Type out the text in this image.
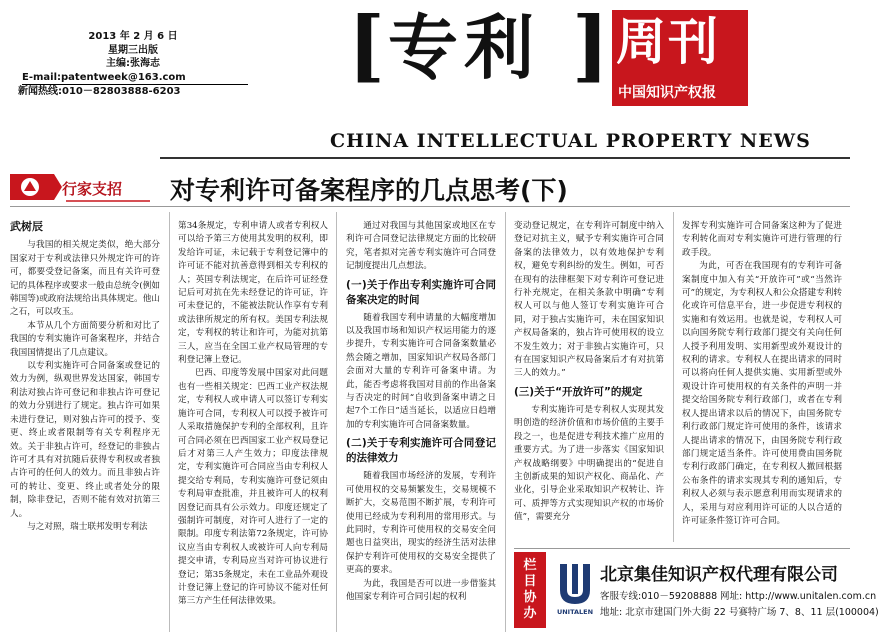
2013 年 2 月 6 日
星期三出版
主编:张海志
E-mail:patentweek@163.com
新闻热线:010－82803888-6203
[ 专利 ] 周刊
中国知识产权报
CHINA INTELLECTUAL PROPERTY NEWS
行家支招 对专利许可备案程序的几点思考(下)

武树辰

与我国的相关规定类似，绝大部分国家对于专利或法律只外规定许可的许可，都要受登记备案，而且有关许可登记的具体程序或要求一般由总统令(例如韩国等)或政府法规给出具体规定。他山之石，可以攻玉。

本节从几个方面简要分析和对比了我国的专利实施许可备案程序，并结合我国国情提出了几点建议。

以专利实施许可合同备案或登记的效力为例，纵观世界发达国家，韩国专利法对独占许可登记和非独占许可登记的效力分别进行了规定。独占许可如果未进行登记，则对独占许可的授予、变更、终止或者限制等有关专利程序无效。关于非独占许可，经登记的非独占许可才具有对抗随后获得专利权或者独占许可的任何人的效力。而且非独占许可的转让、变更、终止或者处分的限制，除非登记，否则不能有效对抗第三人。

与之对照，瑞士联邦发明专利法

第34条规定，专利申请人或者专利权人可以给予第三方使用其发明的权利，即发给许可证，未记载于专利登记簿中的许可证不能对抗善意得到相关专利权的人；英国专利法规定，在后许可证经登记后可对抗在先未经登记的许可证，许可未登记的，不能被法院认作享有专利或法律所规定的所有权。美国专利法规定，专利权的转让和许可，为能对抗第三人，应当在全国工业产权局管理的专利登记簿上登记。

巴西、印度等发展中国家对此问题也有一些相关规定：巴西工业产权法规定，专利权人或申请人可以签订专利实施许可合同，专利权人可以授予被许可人采取措施保护专利的全部权利，且许可合同必须在巴西国家工业产权局登记后才对第三人产生效力；印度法律规定，专利实施许可合同应当由专利权人提交给专利局，专利实施许可登记须由专利局审查批准，并且被许可人的权利因登记而具有公示效力。印度还规定了强制许可制度，对许可人进行了一定的限制。印度专利法第72条规定，许可协议应当由专利权人或被许可人向专利局提交申请，专利局应当对许可协议进行登记；第35条规定，未在工业品外观设计登记簿上登记的许可协议不能对任何第三方产生任何法律效果。

通过对我国与其他国家或地区在专利许可合同登记法律规定方面的比较研究，笔者拟对完善专利实施许可合同登记制度提出几点想法。

(一)关于作出专利实施许可合同备案决定的时间

随着我国专利申请量的大幅度增加以及我国市场和知识产权运用能力的逐步提升，专利实施许可合同备案数量必然会随之增加，国家知识产权局各部门会面对大量的专利许可备案申请。为此，能否考虑将我国对目前的作出备案与否决定的时间“自收到备案申请之日起7个工作日”适当延长，以适应日趋增加的专利实施许可合同备案数量。

(二)关于专利实施许可合同登记的法律效力

随着我国市场经济的发展，专利许可使用权的交易频繁发生，交易规模不断扩大，交易范围不断扩展，专利许可使用已经成为专利利用的常用形式。与此同时，专利许可使用权的交易安全问题也日益突出，现实的经济生活对法律保护专利许可使用权的交易安全提供了更高的要求。

为此，我国是否可以进一步借鉴其他国家专利许可合同引起的权利

变动登记规定，在专利许可制度中纳入登记对抗主义，赋予专利实施许可合同备案的法律效力，以有效地保护专利权，避免专利纠纷的发生。例如，可否在现有的法律框架下对专利许可登记进行补充规定，在相关条款中明确“专利权人可以与他人签订专利实施许可合同，对于独占实施许可，未在国家知识产权局备案的，独占许可使用权的设立不发生效力；对于非独占实施许可，只有在国家知识产权局备案后才有对抗第三人的效力。”

(三)关于“开放许可”的规定

专利实施许可是专利权人实现其发明创造的经济价值和市场价值的主要手段之一，也是促进专利技术推广应用的重要方式。为了进一步落实《国家知识产权战略纲要》中明确提出的“促进自主创新成果的知识产权化、商品化、产业化，引导企业采取知识产权转让、许可、质押等方式实现知识产权的市场价值”，需要充分

发挥专利实施许可合同备案这种为了促进专利转化而对专利实施许可进行管理的行政手段。

为此，可否在我国现有的专利许可备案制度中加入有关“开放许可”或“当然许可”的规定，为专利权人和公众搭建专利转化或许可信息平台，进一步促进专利权的实施和有效运用。也就是说，专利权人可以向国务院专利行政部门提交有关向任何人授予利用发明、实用新型或外观设计的权利的请求。专利权人在提出请求的同时可以将向任何人提供实施、实用新型或外观设计许可使用权的有关条件的声明一并提交给国务院专利行政部门，或者在专利权人提出请求以后的情况下，由国务院专利行政部门规定许可使用的条件，该请求人提出请求的情况下，由国务院专利行政部门规定适当条件。许可使用费由国务院专利行政部门确定，在专利权人撤回根据公布条件的请求实现其专利的通知后，专利权人必须与表示愿意利用而实现请求的人，采用与对应利用许可证的人以合适的许可证条件签订许可合同。

栏目协办	UNITALEN
北京集佳知识产权代理有限公司
客服专线:010－59208888 网址: http://www.unitalen.com.cn
地址: 北京市建国门外大街 22 号赛特广场 7、8、11 层(100004)
